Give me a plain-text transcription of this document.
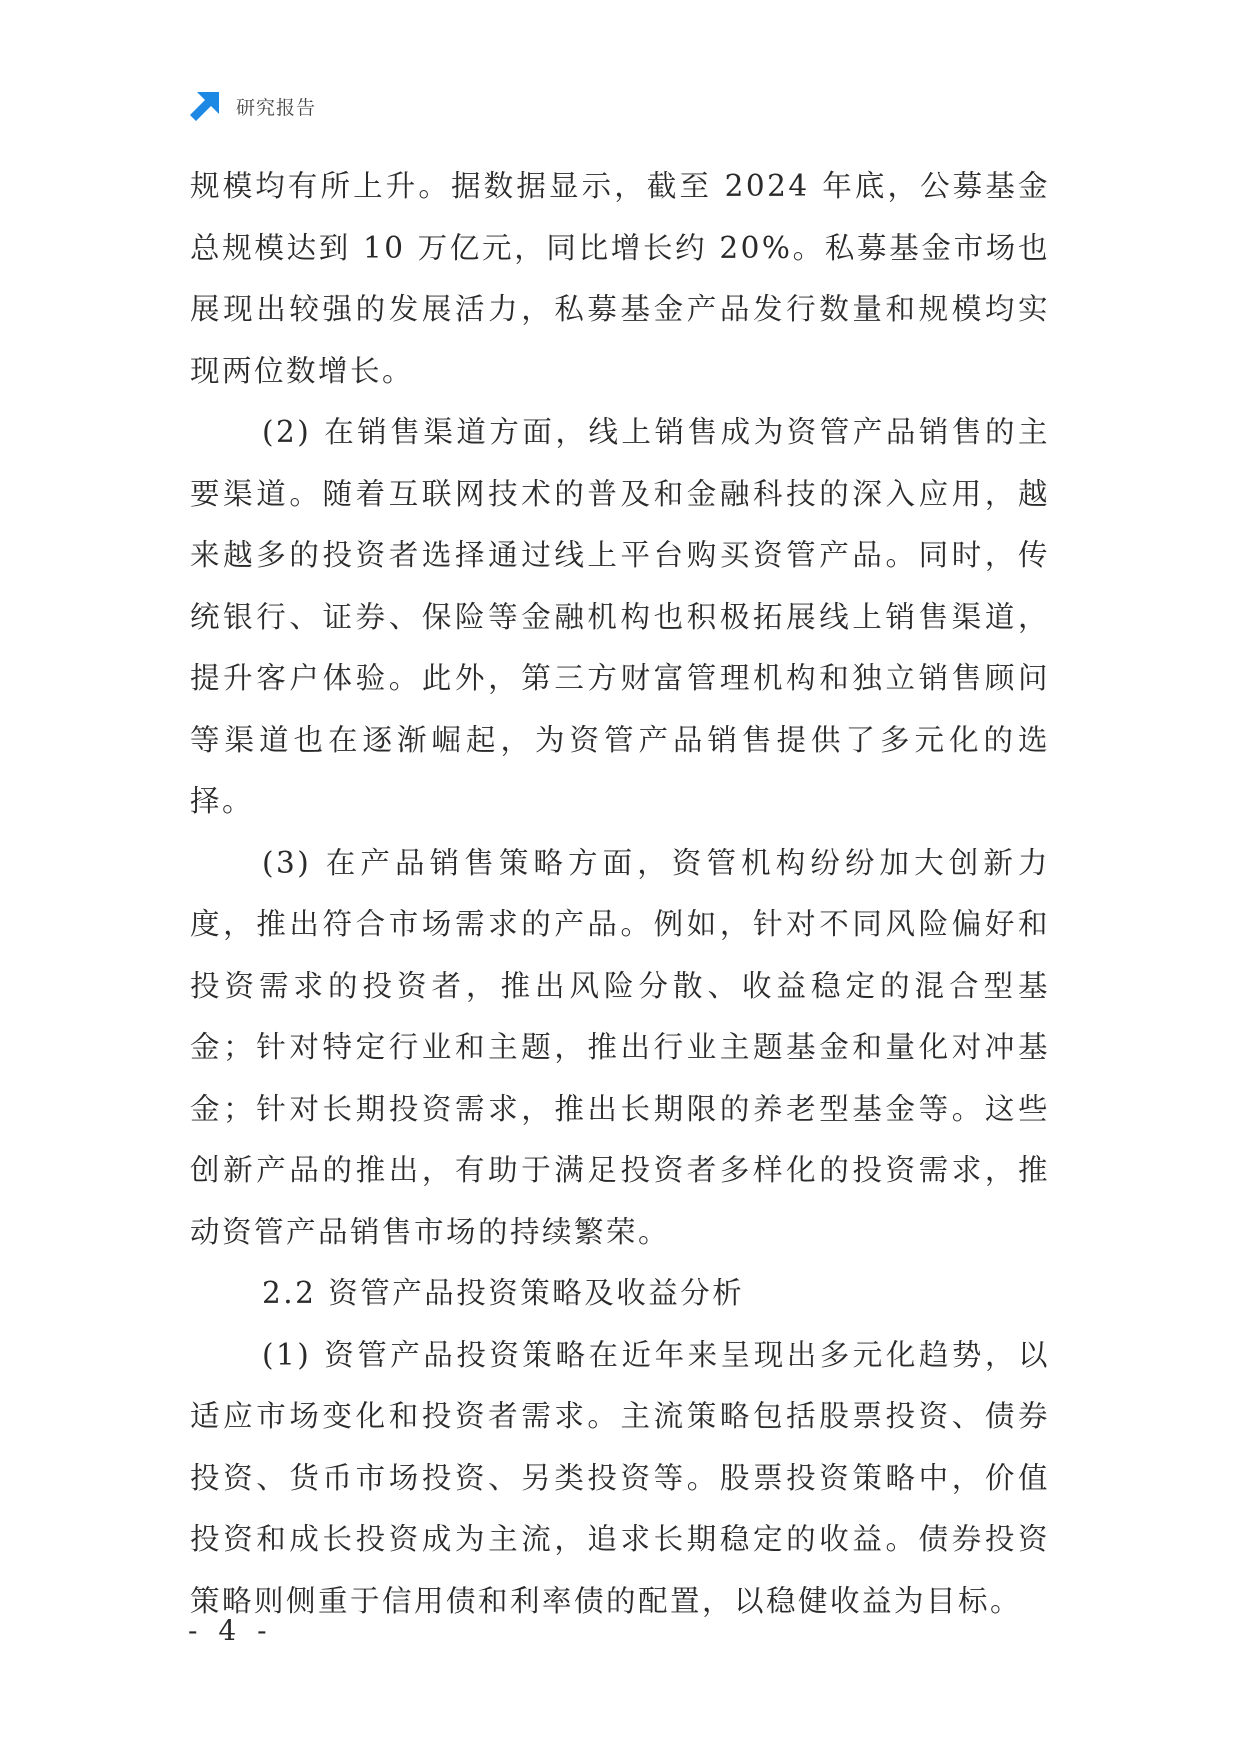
研究报告

规模均有所上升。据数据显示，截至 2024 年底，公募基金总规模达到 10 万亿元，同比增长约 20%。私募基金市场也展现出较强的发展活力，私募基金产品发行数量和规模均实现两位数增长。

(2) 在销售渠道方面，线上销售成为资管产品销售的主要渠道。随着互联网技术的普及和金融科技的深入应用，越来越多的投资者选择通过线上平台购买资管产品。同时，传统银行、证券、保险等金融机构也积极拓展线上销售渠道，提升客户体验。此外，第三方财富管理机构和独立销售顾问等渠道也在逐渐崛起，为资管产品销售提供了多元化的选择。

(3) 在产品销售策略方面，资管机构纷纷加大创新力度，推出符合市场需求的产品。例如，针对不同风险偏好和投资需求的投资者，推出风险分散、收益稳定的混合型基金；针对特定行业和主题，推出行业主题基金和量化对冲基金；针对长期投资需求，推出长期限的养老型基金等。这些创新产品的推出，有助于满足投资者多样化的投资需求，推动资管产品销售市场的持续繁荣。

2.2 资管产品投资策略及收益分析

(1) 资管产品投资策略在近年来呈现出多元化趋势，以适应市场变化和投资者需求。主流策略包括股票投资、债券投资、货币市场投资、另类投资等。股票投资策略中，价值投资和成长投资成为主流，追求长期稳定的收益。债券投资策略则侧重于信用债和利率债的配置，以稳健收益为目标。

- 4 -
